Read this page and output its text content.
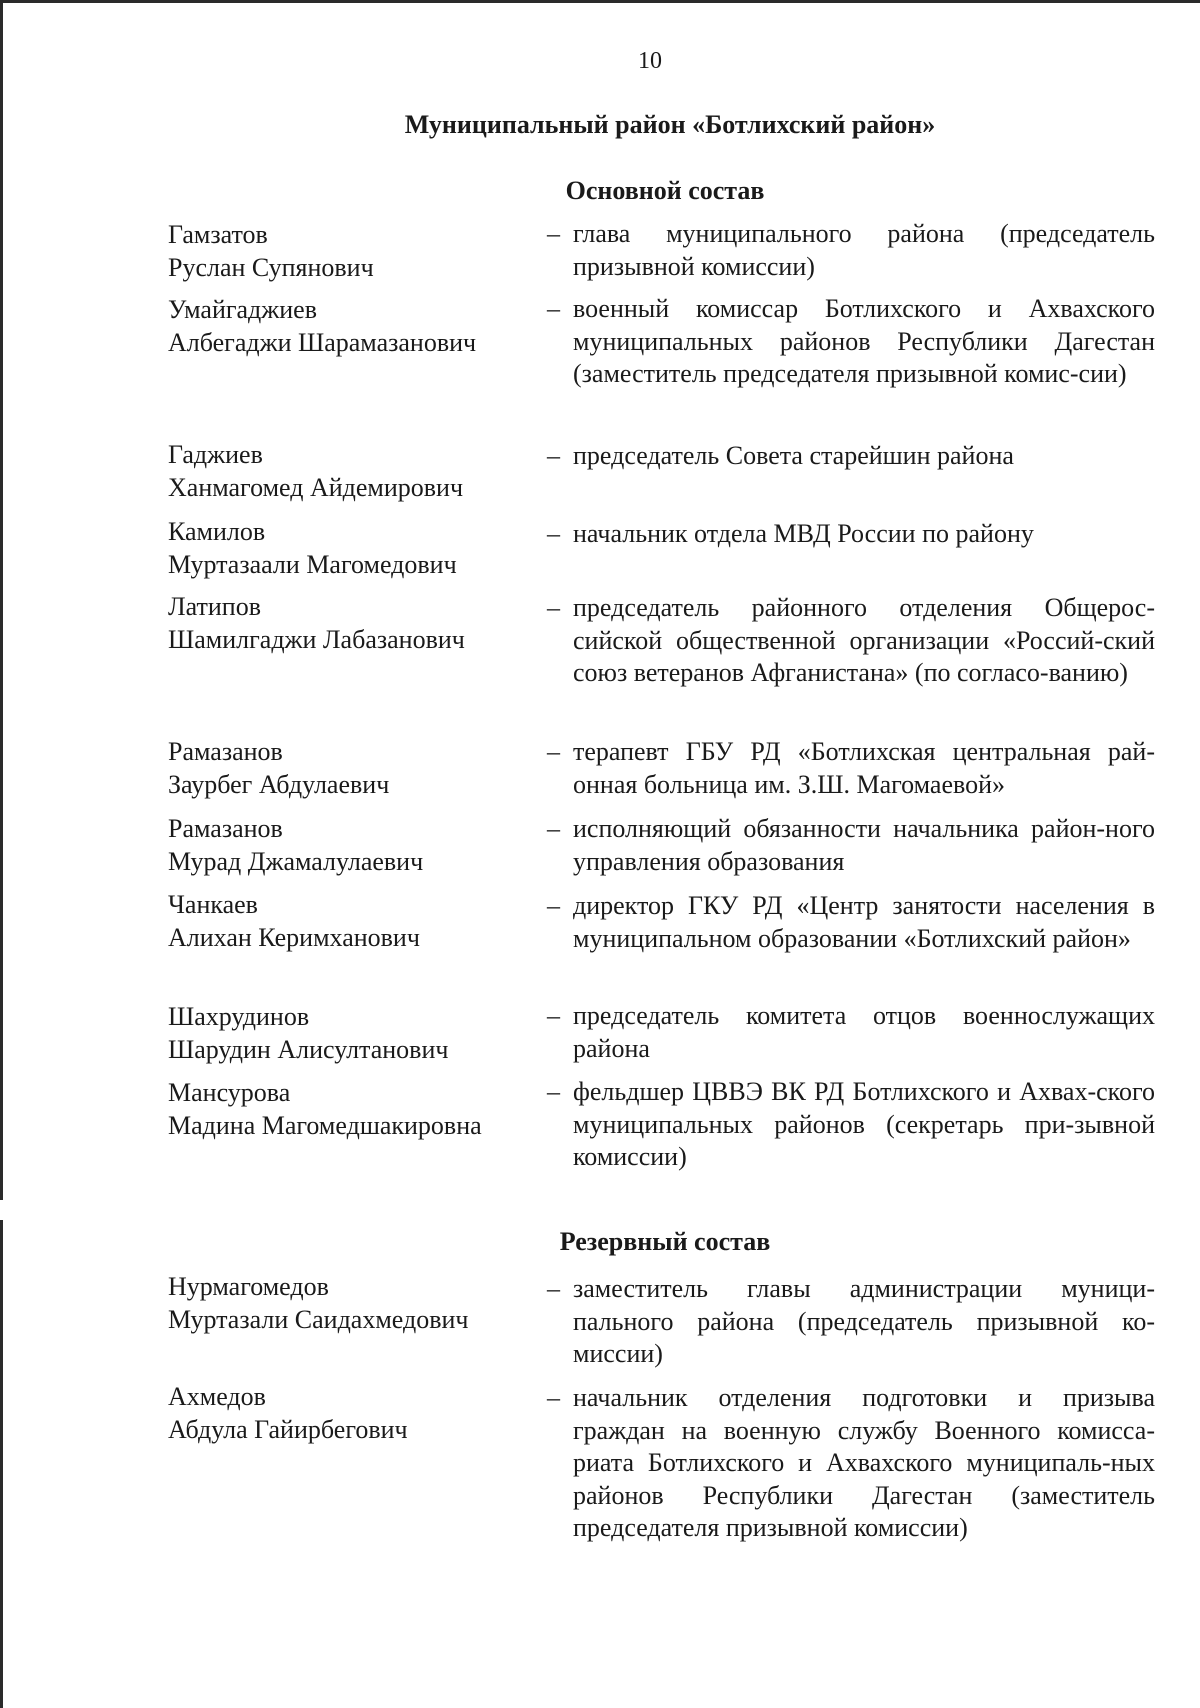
10
Муниципальный район «Ботлихский район»
Основной состав
Резервный состав
Гамзатов
Руслан Супянович
– глава муниципального района (председатель призывной комиссии)
Умайгаджиев
Албегаджи Шарамазанович
– военный комиссар Ботлихского и Ахвахского муниципальных районов Республики Дагестан (заместитель председателя призывной комис-сии)
Гаджиев
Ханмагомед Айдемирович
– председатель Совета старейшин района
Камилов
Муртазаали Магомедович
– начальник отдела МВД России по району
Латипов
Шамилгаджи Лабазанович
– председатель районного отделения Общерос-сийской общественной организации «Россий-ский союз ветеранов Афганистана» (по согласо-ванию)
Рамазанов
Заурбег Абдулаевич
– терапевт ГБУ РД «Ботлихская центральная рай-онная больница им. З.Ш. Магомаевой»
Рамазанов
Мурад Джамалулаевич
– исполняющий обязанности начальника район-ного управления образования
Чанкаев
Алихан Керимханович
– директор ГКУ РД «Центр занятости населения в муниципальном образовании «Ботлихский район»
Шахрудинов
Шарудин Алисултанович
– председатель комитета отцов военнослужащих района
Мансурова
Мадина Магомедшакировна
– фельдшер ЦВВЭ ВК РД Ботлихского и Ахвах-ского муниципальных районов (секретарь при-зывной комиссии)
Нурмагомедов
Муртазали Саидахмедович
– заместитель главы администрации муници-пального района (председатель призывной ко-миссии)
Ахмедов
Абдула Гайирбегович
– начальник отделения подготовки и призыва граждан на военную службу Военного комисса-риата Ботлихского и Ахвахского муниципаль-ных районов Республики Дагестан (заместитель председателя призывной комиссии)
